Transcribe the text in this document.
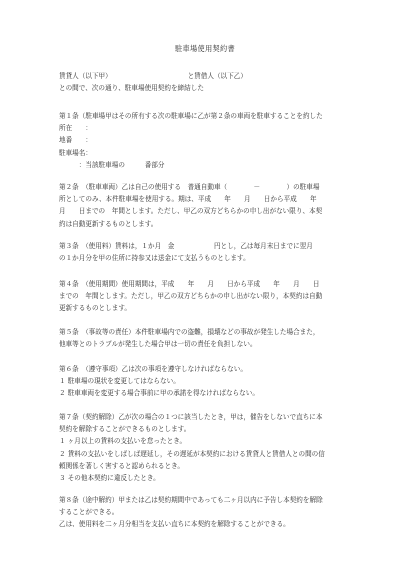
駐車場使用契約書
賃貸人（以下甲）　　　　　　　　　　　　と賃借人（以下乙）
との間で、次の通り、駐車場使用契約を締結した
第１条（駐車場甲はその所有する次の駐車場に乙が第２条の車両を駐車することを約した
所在　　：
地番　　：
駐車場名：
　　　：当該駐車場の　　　番部分
第２条　（駐車車両）乙は自己の使用する　普通自動車（　　　　－　　　　）の駐車場
所としてのみ、本件駐車場を使用する。期は、平成　　年　　月　　日から平成　　年
月　　日までの　年間とします。ただし、甲乙の双方どちらかの申し出がない限り、本契
約は自動更新するものとします。
第３条　（使用料）賃料は，１か月　金　　　　　　円とし，乙は毎月末日までに翌月
の１か月分を甲の住所に持参又は送金にて支払うものとします。
第４条　（使用期間）使用期間は，平成　　年　　月　　日から平成　　年　　月　　日
までの　年間とします。ただし，甲乙の双方どちらかの申し出がない限り，本契約は自動
更新するものとします。
第５条　（事故等の責任）本件駐車場内での盗難，損壊などの事故が発生した場合また，
他車等とのトラブルが発生した場合甲は一切の責任を負担しない。
第６条　（遵守事項）乙は次の事項を遵守しなければならない。
１ 駐車場の現状を変更してはならない。
２ 駐車車両を変更する場合事前に甲の承諾を得なければならない。
第７条（契約解除）乙が次の場合の１つに該当したとき，甲は，催告をしないで直ちに本
契約を解除することができるものとします。
１ ヶ月以上の賃料の支払いを怠ったとき。
２ 賃料の支払いをしばしば遅延し，その遅延が本契約における賃貸人と賃借人との間の信
頼関係を著しく害すると認められるとき。
３ その他本契約に違反したとき。
第８条（途中解約）甲または乙は契約期間中であっても二ヶ月以内に予告し本契約を解除
することができる。
乙は、使用料を二ヶ月分相当を支払い直ちに本契約を解除することができる。
